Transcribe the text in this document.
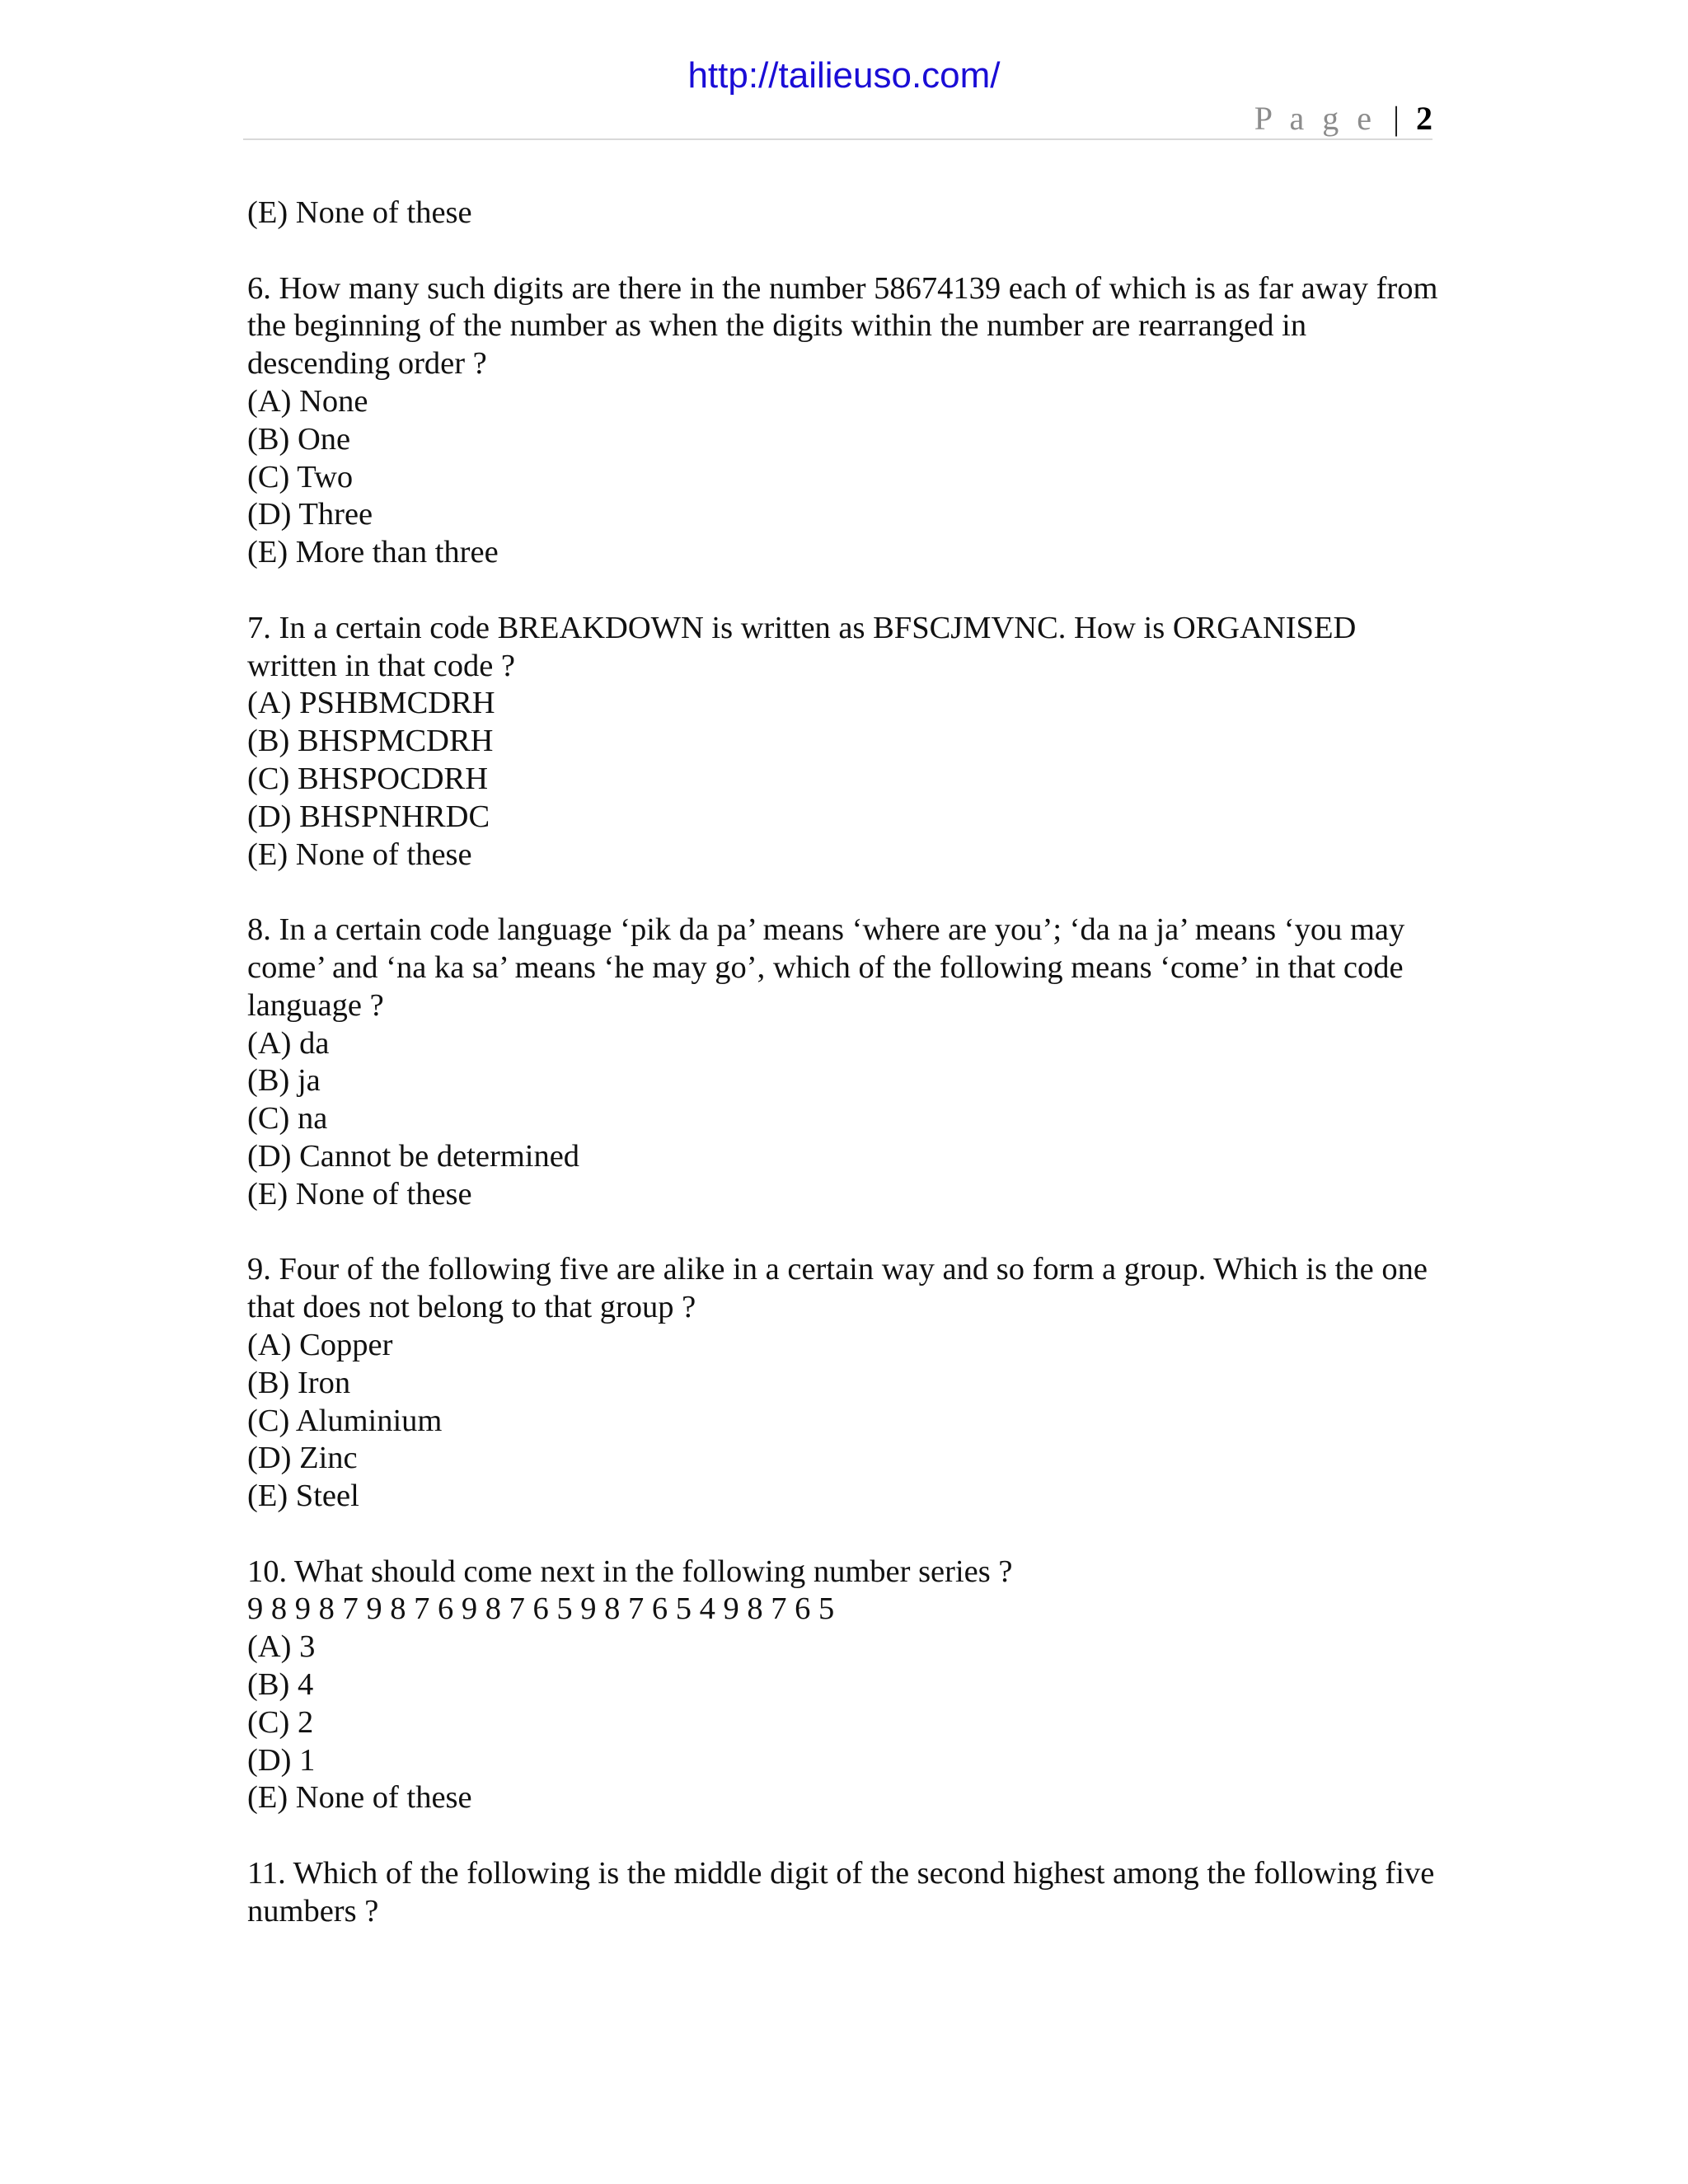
http://tailieuso.com/
P a g e | 2

(E) None of these

6. How many such digits are there in the number 58674139 each of which is as far away from the beginning of the number as when the digits within the number are rearranged in descending order ?

(A) None

(B) One

(C) Two

(D) Three

(E) More than three

7. In a certain code BREAKDOWN is written as BFSCJMVNC. How is ORGANISED written in that code ?

(A) PSHBMCDRH

(B) BHSPMCDRH

(C) BHSPOCDRH

(D) BHSPNHRDC

(E) None of these

8. In a certain code language ‘pik da pa’ means ‘where are you’; ‘da na ja’ means ‘you may come’ and ‘na ka sa’ means ‘he may go’, which of the following means ‘come’ in that code language ?

(A) da

(B) ja

(C) na

(D) Cannot be determined

(E) None of these

9. Four of the following five are alike in a certain way and so form a group. Which is the one that does not belong to that group ?

(A) Copper

(B) Iron

(C) Aluminium

(D) Zinc

(E) Steel

10. What should come next in the following number series ?

9 8 9 8 7 9 8 7 6 9 8 7 6 5 9 8 7 6 5 4 9 8 7 6 5

(A) 3

(B) 4

(C) 2

(D) 1

(E) None of these

11. Which of the following is the middle digit of the second highest among the following five numbers ?
